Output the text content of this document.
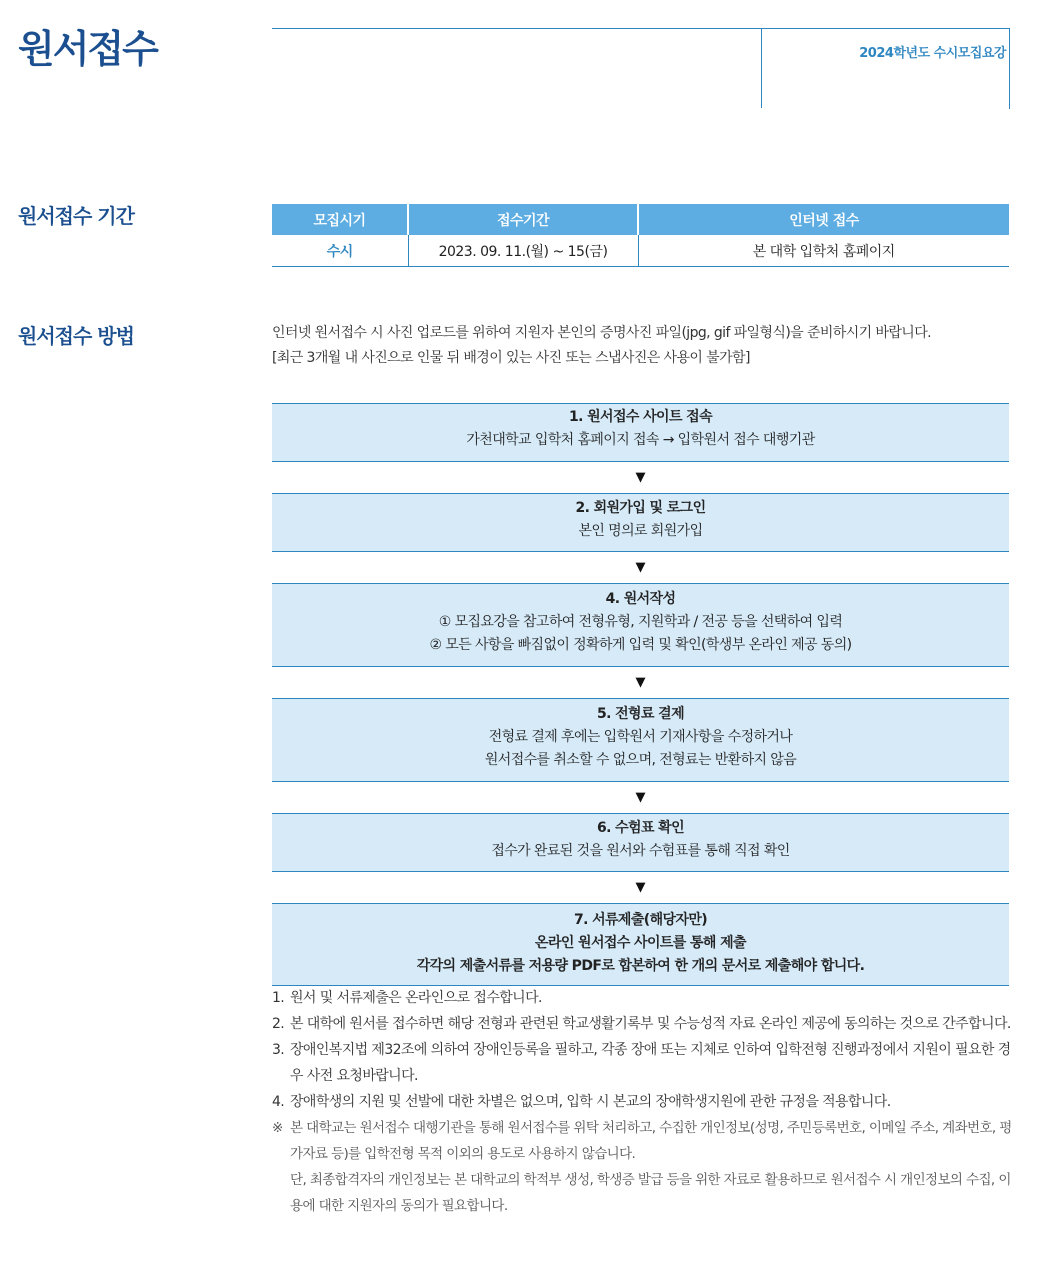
원서접수	2024학년도 수시모집요강
원서접수 기간	모집시기	접수기간	인터넷 접수
수시	2023. 09. 11.(월) ~ 15(금)	본 대학 입학처 홈페이지
원서접수 방법	인터넷 원서접수 시 사진 업로드를 위하여 지원자 본인의 증명사진 파일(jpg, gif 파일형식)을 준비하시기 바랍니다.
[최근 3개월 내 사진으로 인물 뒤 배경이 있는 사진 또는 스냅사진은 사용이 불가함]
1. 원서접수 사이트 접속
가천대학교 입학처 홈페이지 접속 → 입학원서 접수 대행기관
▼
2. 회원가입 및 로그인
본인 명의로 회원가입
▼
4. 원서작성
① 모집요강을 참고하여 전형유형, 지원학과 / 전공 등을 선택하여 입력
② 모든 사항을 빠짐없이 정확하게 입력 및 확인(학생부 온라인 제공 동의)
▼
5. 전형료 결제
전형료 결제 후에는 입학원서 기재사항을 수정하거나
원서접수를 취소할 수 없으며, 전형료는 반환하지 않음
▼
6. 수험표 확인
접수가 완료된 것을 원서와 수험표를 통해 직접 확인
▼
7. 서류제출(해당자만)
온라인 원서접수 사이트를 통해 제출
각각의 제출서류를 저용량 PDF로 합본하여 한 개의 문서로 제출해야 합니다.
1. 원서 및 서류제출은 온라인으로 접수합니다.
2. 본 대학에 원서를 접수하면 해당 전형과 관련된 학교생활기록부 및 수능성적 자료 온라인 제공에 동의하는 것으로 간주합니다.
3. 장애인복지법 제32조에 의하여 장애인등록을 필하고, 각종 장애 또는 지체로 인하여 입학전형 진행과정에서 지원이 필요한 경우 사전 요청바랍니다.
4. 장애학생의 지원 및 선발에 대한 차별은 없으며, 입학 시 본교의 장애학생지원에 관한 규정을 적용합니다.
※ 본 대학교는 원서접수 대행기관을 통해 원서접수를 위탁 처리하고, 수집한 개인정보(성명, 주민등록번호, 이메일 주소, 계좌번호, 평가자료 등)를 입학전형 목적 이외의 용도로 사용하지 않습니다.
단, 최종합격자의 개인정보는 본 대학교의 학적부 생성, 학생증 발급 등을 위한 자료로 활용하므로 원서접수 시 개인정보의 수집, 이용에 대한 지원자의 동의가 필요합니다.
